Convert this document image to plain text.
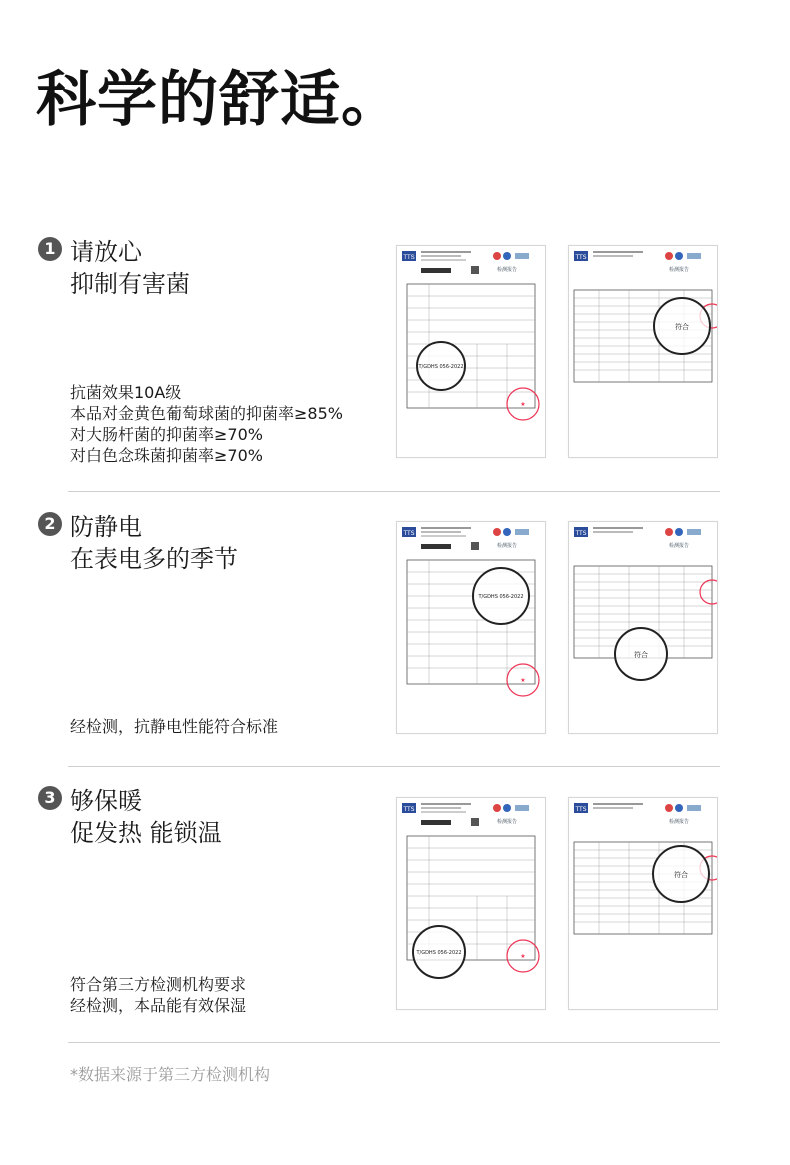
科学的舒适。
1 请放心
抑制有害菌
抗菌效果10A级
本品对金黄色葡萄球菌的抑菌率≥85%
对大肠杆菌的抑菌率≥70%
对白色念珠菌抑菌率≥70%
TTS
检测报告
★
T/GDHS 056-2022
TTS
检测报告
符合
2 防静电
在表电多的季节
经检测，抗静电性能符合标准
TTS
检测报告
★
T/GDHS 056-2022
TTS
检测报告
符合
3 够保暖
促发热 能锁温
符合第三方检测机构要求
经检测，本品能有效保湿
TTS
检测报告
★
T/GDHS 056-2022
TTS
检测报告
符合
*数据来源于第三方检测机构
